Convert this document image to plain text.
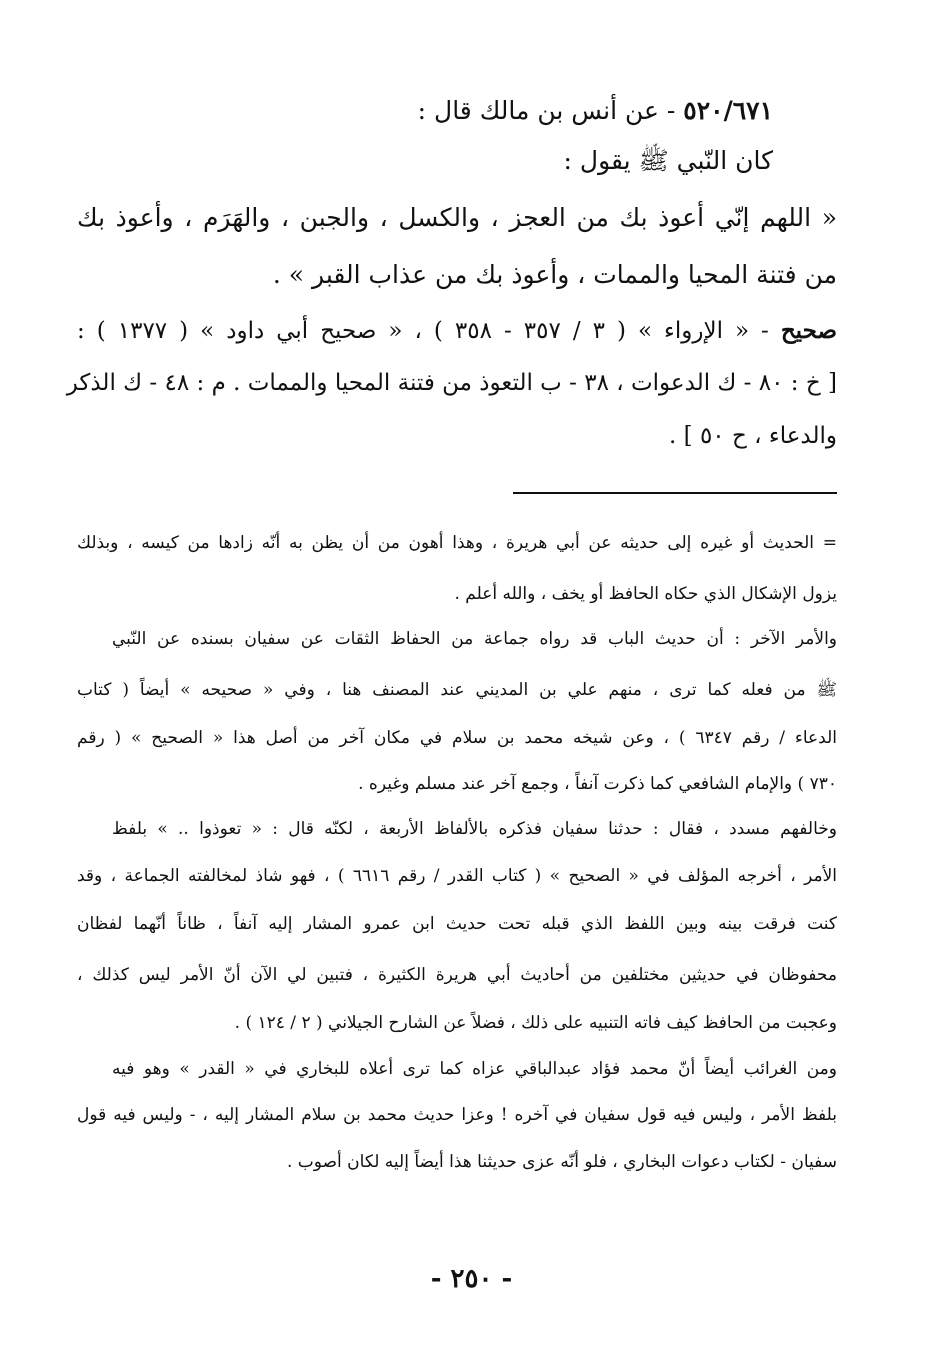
٥٢٠/٦٧١ - عن أنس بن مالك قال :

كان النّبي ﷺ يقول :

« اللهم إنّي أعوذ بك من العجز ، والكسل ، والجبن ، والهَرَم ، وأعوذ بك

من فتنة المحيا والممات ، وأعوذ بك من عذاب القبر » .

صحيح - « الإرواء » ( ٣ / ٣٥٧ - ٣٥٨ ) ، « صحيح أبي داود » ( ١٣٧٧ ) :

[ خ : ٨٠ - ك الدعوات ، ٣٨ - ب التعوذ من فتنة المحيا والممات . م : ٤٨ - ك الذكر

والدعاء ، ح ٥٠ ] .

= الحديث أو غيره إلى حديثه عن أبي هريرة ، وهذا أهون من أن يظن به أنّه زادها من كيسه ، وبذلك

يزول الإشكال الذي حكاه الحافظ أو يخف ، والله أعلم .

والأمر الآخر : أن حديث الباب قد رواه جماعة من الحفاظ الثقات عن سفيان بسنده عن النّبي

ﷺ من فعله كما ترى ، منهم علي بن المديني عند المصنف هنا ، وفي « صحيحه » أيضاً ( كتاب

الدعاء / رقم ٦٣٤٧ ) ، وعن شيخه محمد بن سلام في مكان آخر من أصل هذا « الصحيح » ( رقم

٧٣٠ ) والإمام الشافعي كما ذكرت آنفاً ، وجمع آخر عند مسلم وغيره .

وخالفهم مسدد ، فقال : حدثنا سفيان فذكره بالألفاظ الأربعة ، لكنّه قال : « تعوذوا .. » بلفظ

الأمر ، أخرجه المؤلف في « الصحيح » ( كتاب القدر / رقم ٦٦١٦ ) ، فهو شاذ لمخالفته الجماعة ، وقد

كنت فرقت بينه وبين اللفظ الذي قبله تحت حديث ابن عمرو المشار إليه آنفاً ، ظاناً أنّهما لفظان

محفوظان في حديثين مختلفين من أحاديث أبي هريرة الكثيرة ، فتبين لي الآن أنّ الأمر ليس كذلك ،

وعجبت من الحافظ كيف فاته التنبيه على ذلك ، فضلاً عن الشارح الجيلاني ( ٢ / ١٢٤ ) .

ومن الغرائب أيضاً أنّ محمد فؤاد عبدالباقي عزاه كما ترى أعلاه للبخاري في « القدر » وهو فيه

بلفظ الأمر ، وليس فيه قول سفيان في آخره ! وعزا حديث محمد بن سلام المشار إليه ، - وليس فيه قول

سفيان - لكتاب دعوات البخاري ، فلو أنّه عزى حديثنا هذا أيضاً إليه لكان أصوب .

- ٢٥٠ -
